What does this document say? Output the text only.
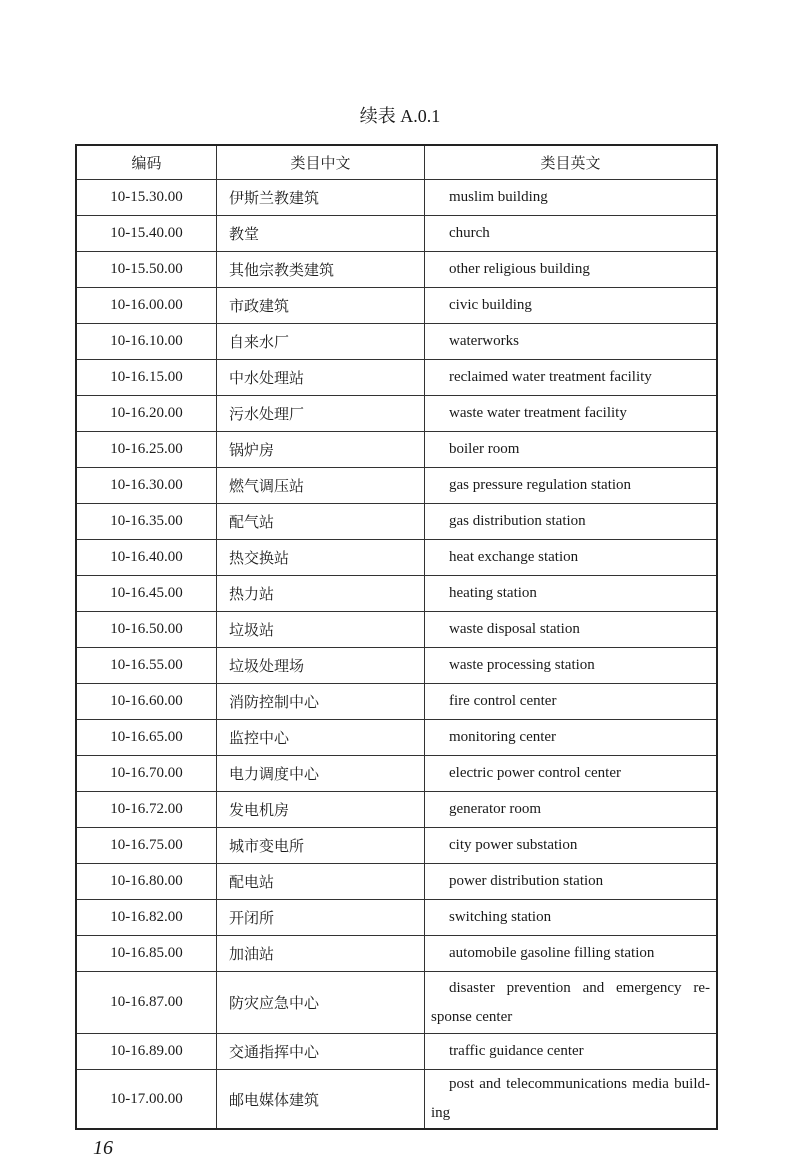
续表 A.0.1
编码	类目中文	类目英文
10-15.30.00	伊斯兰教建筑	muslim building
10-15.40.00	教堂	church
10-15.50.00	其他宗教类建筑	other religious building
10-16.00.00	市政建筑	civic building
10-16.10.00	自来水厂	waterworks
10-16.15.00	中水处理站	reclaimed water treatment facility
10-16.20.00	污水处理厂	waste water treatment facility
10-16.25.00	锅炉房	boiler room
10-16.30.00	燃气调压站	gas pressure regulation station
10-16.35.00	配气站	gas distribution station
10-16.40.00	热交换站	heat exchange station
10-16.45.00	热力站	heating station
10-16.50.00	垃圾站	waste disposal station
10-16.55.00	垃圾处理场	waste processing station
10-16.60.00	消防控制中心	fire control center
10-16.65.00	监控中心	monitoring center
10-16.70.00	电力调度中心	electric power control center
10-16.72.00	发电机房	generator room
10-16.75.00	城市变电所	city power substation
10-16.80.00	配电站	power distribution station
10-16.82.00	开闭所	switching station
10-16.85.00	加油站	automobile gasoline filling station
10-16.87.00	防灾应急中心	disaster prevention and emergency re-sponse center
10-16.89.00	交通指挥中心	traffic guidance center
10-17.00.00	邮电媒体建筑	post and telecommunications media build-ing
16
